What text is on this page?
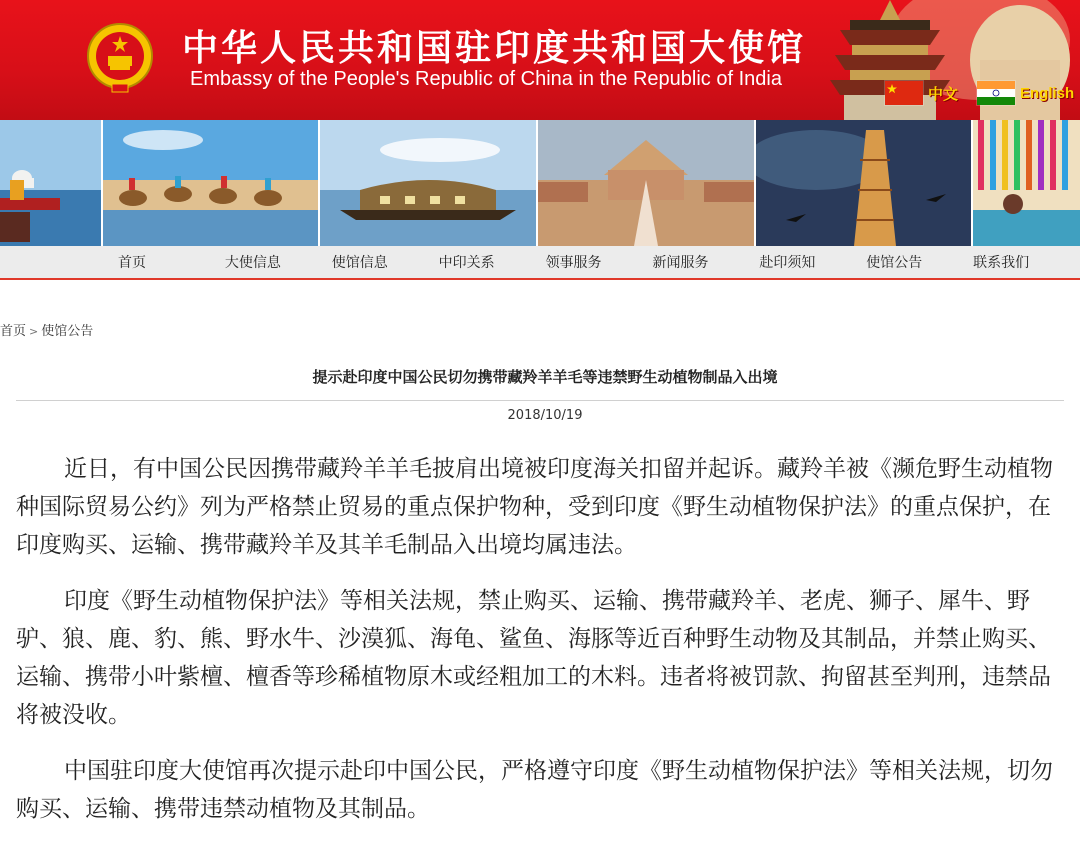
中华人民共和国驻印度共和国大使馆
Embassy of the People's Republic of China in the Republic of India
中文	English
首页	大使信息	使馆信息	中印关系	领事服务	新闻服务	赴印须知	使馆公告	联系我们
首页 > 使馆公告
提示赴印度中国公民切勿携带藏羚羊羊毛等违禁野生动植物制品入出境
2018/10/19

近日，有中国公民因携带藏羚羊羊毛披肩出境被印度海关扣留并起诉。藏羚羊被《濒危野生动植物种国际贸易公约》列为严格禁止贸易的重点保护物种，受到印度《野生动植物保护法》的重点保护，在印度购买、运输、携带藏羚羊及其羊毛制品入出境均属违法。

印度《野生动植物保护法》等相关法规，禁止购买、运输、携带藏羚羊、老虎、狮子、犀牛、野驴、狼、鹿、豹、熊、野水牛、沙漠狐、海龟、鲨鱼、海豚等近百种野生动物及其制品，并禁止购买、运输、携带小叶紫檀、檀香等珍稀植物原木或经粗加工的木料。违者将被罚款、拘留甚至判刑，违禁品将被没收。

中国驻印度大使馆再次提示赴印中国公民，严格遵守印度《野生动植物保护法》等相关法规，切勿购买、运输、携带违禁动植物及其制品。
